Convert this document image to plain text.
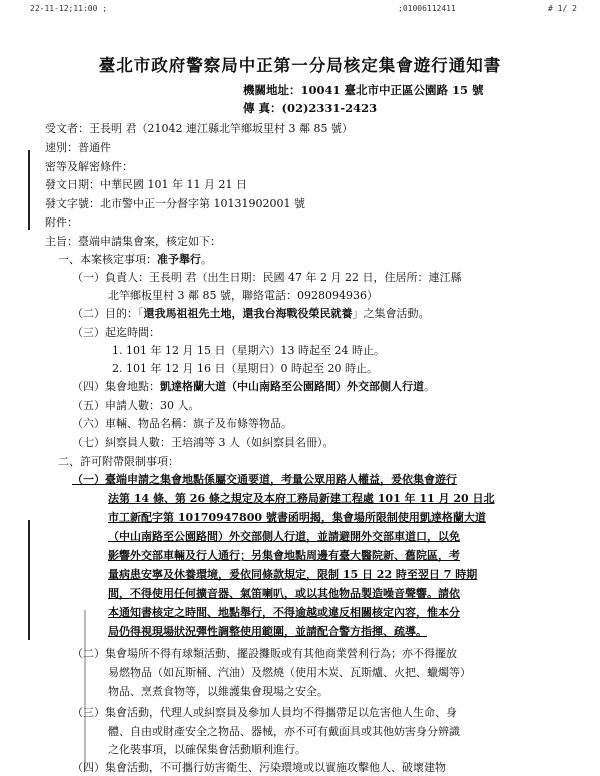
22-11-12;11:00 ;	;01006112411	# 1/ 2
臺北市政府警察局中正第一分局核定集會遊行通知書
機關地址：10041 臺北市中正區公園路 15 號
傳 真：(02)2331-2423
受文者：王長明 君（21042 連江縣北竿鄉坂里村 3 鄰 85 號）
速別：普通件
密等及解密條件：
發文日期：中華民國 101 年 11 月 21 日
發文字號：北市警中正一分督字第 10131902001 號
附件：
主旨：臺端申請集會案，核定如下：
一、本案核定事項：准予舉行。
（一）負責人：王長明 君（出生日期：民國 47 年 2 月 22 日，住居所：連江縣
北竿鄉板里村 3 鄰 85 號，聯絡電話：0928094936）
（二）目的：「還我馬祖祖先土地，還我台海戰役榮民就養」之集會活動。
（三）起迄時間：
1. 101 年 12 月 15 日（星期六）13 時起至 24 時止。
2. 101 年 12 月 16 日（星期日）0 時起至 20 時止。
（四）集會地點：凱達格蘭大道（中山南路至公園路間）外交部側人行道。
（五）申請人數：30 人。
（六）車輛、物品名稱：旗子及布條等物品。
（七）糾察員人數：王培鴻等 3 人（如糾察員名冊）。
二、許可附帶限制事項：
（一）臺端申請之集會地點係屬交通要道，考量公眾用路人權益，爰依集會遊行
法第 14 條、第 26 條之規定及本府工務局新建工程處 101 年 11 月 20 日北
市工新配字第 10170947800 號書函明揭，集會場所限制使用凱達格蘭大道
（中山南路至公園路間）外交部側人行道，並請避開外交部車道口，以免
影響外交部車輛及行人通行；另集會地點周邊有臺大醫院新、舊院區，考
量病患安寧及休養環境，爰依同條款規定，限制 15 日 22 時至翌日 7 時期
間，不得使用任何擴音器、氣笛喇叭，或以其他物品製造噪音聲響。請依
本通知書核定之時間、地點舉行，不得逾越或違反相關核定內容，惟本分
局仍得視現場狀況彈性調整使用範圍，並請配合警方指揮、疏導。
（二）集會場所不得有球類活動、擺設攤販或有其他商業營利行為；亦不得擺放
易燃物品（如瓦斯桶、汽油）及燃燒（使用木炭、瓦斯爐、火把、蠟燭等）
物品、烹煮食物等，以維護集會現場之安全。
（三）集會活動，代理人或糾察員及參加人員均不得攜帶足以危害他人生命、身
體、自由或財產安全之物品、器械，亦不可有戴面具或其他妨害身分辨識
之化裝事項，以確保集會活動順利進行。
（四）集會活動，不可攜行妨害衛生、污染環境或以實施攻擊他人、破壞建物
